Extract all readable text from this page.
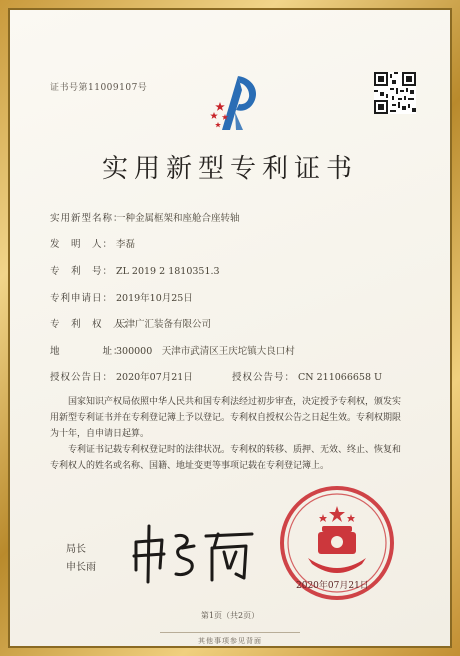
证书号第11009107号
实用新型专利证书
实用新型名称：一种金属框架和座舱合座转轴
发　明　人： 李磊
专　利　号： ZL 2019 2 1810351.3
专利申请日： 2019年10月25日
专　利　权　人：天津广汇装备有限公司
地　　　　址：300000　天津市武清区王庆坨镇大良口村
授权公告日： 2020年07月21日	授权公告号： CN 211066658 U

国家知识产权局依照中华人民共和国专利法经过初步审查，决定授予专利权，颁发实用新型专利证书并在专利登记簿上予以登记。专利权自授权公告之日起生效。专利权期限为十年，自申请日起算。

专利证书记载专利权登记时的法律状况。专利权的转移、质押、无效、终止、恢复和专利权人的姓名或名称、国籍、地址变更等事项记载在专利登记簿上。

局长
申长雨
2020年07月21日
第1页（共2页）
其他事项参见背面
